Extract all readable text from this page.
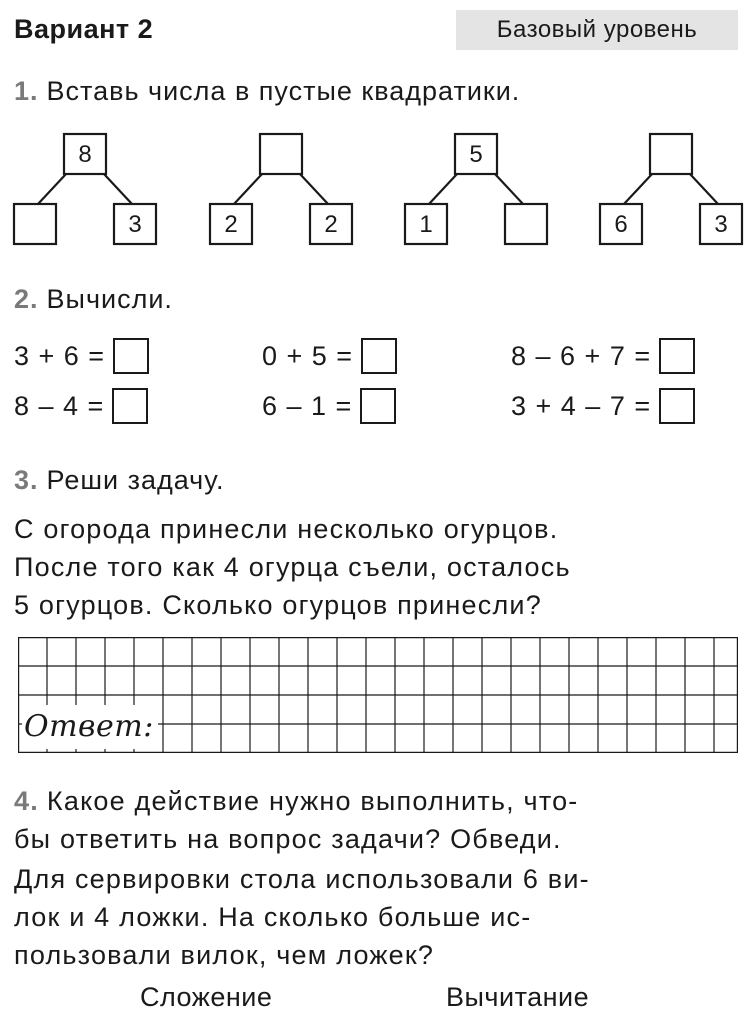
Вариант 2	Базовый уровень
1. Вставь числа в пустые квадратики.
8
3	2	2
5
1	6	3
2. Вычисли.
3 + 6 =	0 + 5 =	8 – 6 + 7 =
8 – 4 =	6 – 1 =	3 + 4 – 7 =
3. Реши задачу.
С огорода принесли несколько огурцов.
После того как 4 огурца съели, осталось
5 огурцов. Сколько огурцов принесли?
Ответ:
4. Какое действие нужно выполнить, что-
бы ответить на вопрос задачи? Обведи.
Для сервировки стола использовали 6 ви-
лок и 4 ложки. На сколько больше ис-
пользовали вилок, чем ложек?
Сложение	Вычитание
